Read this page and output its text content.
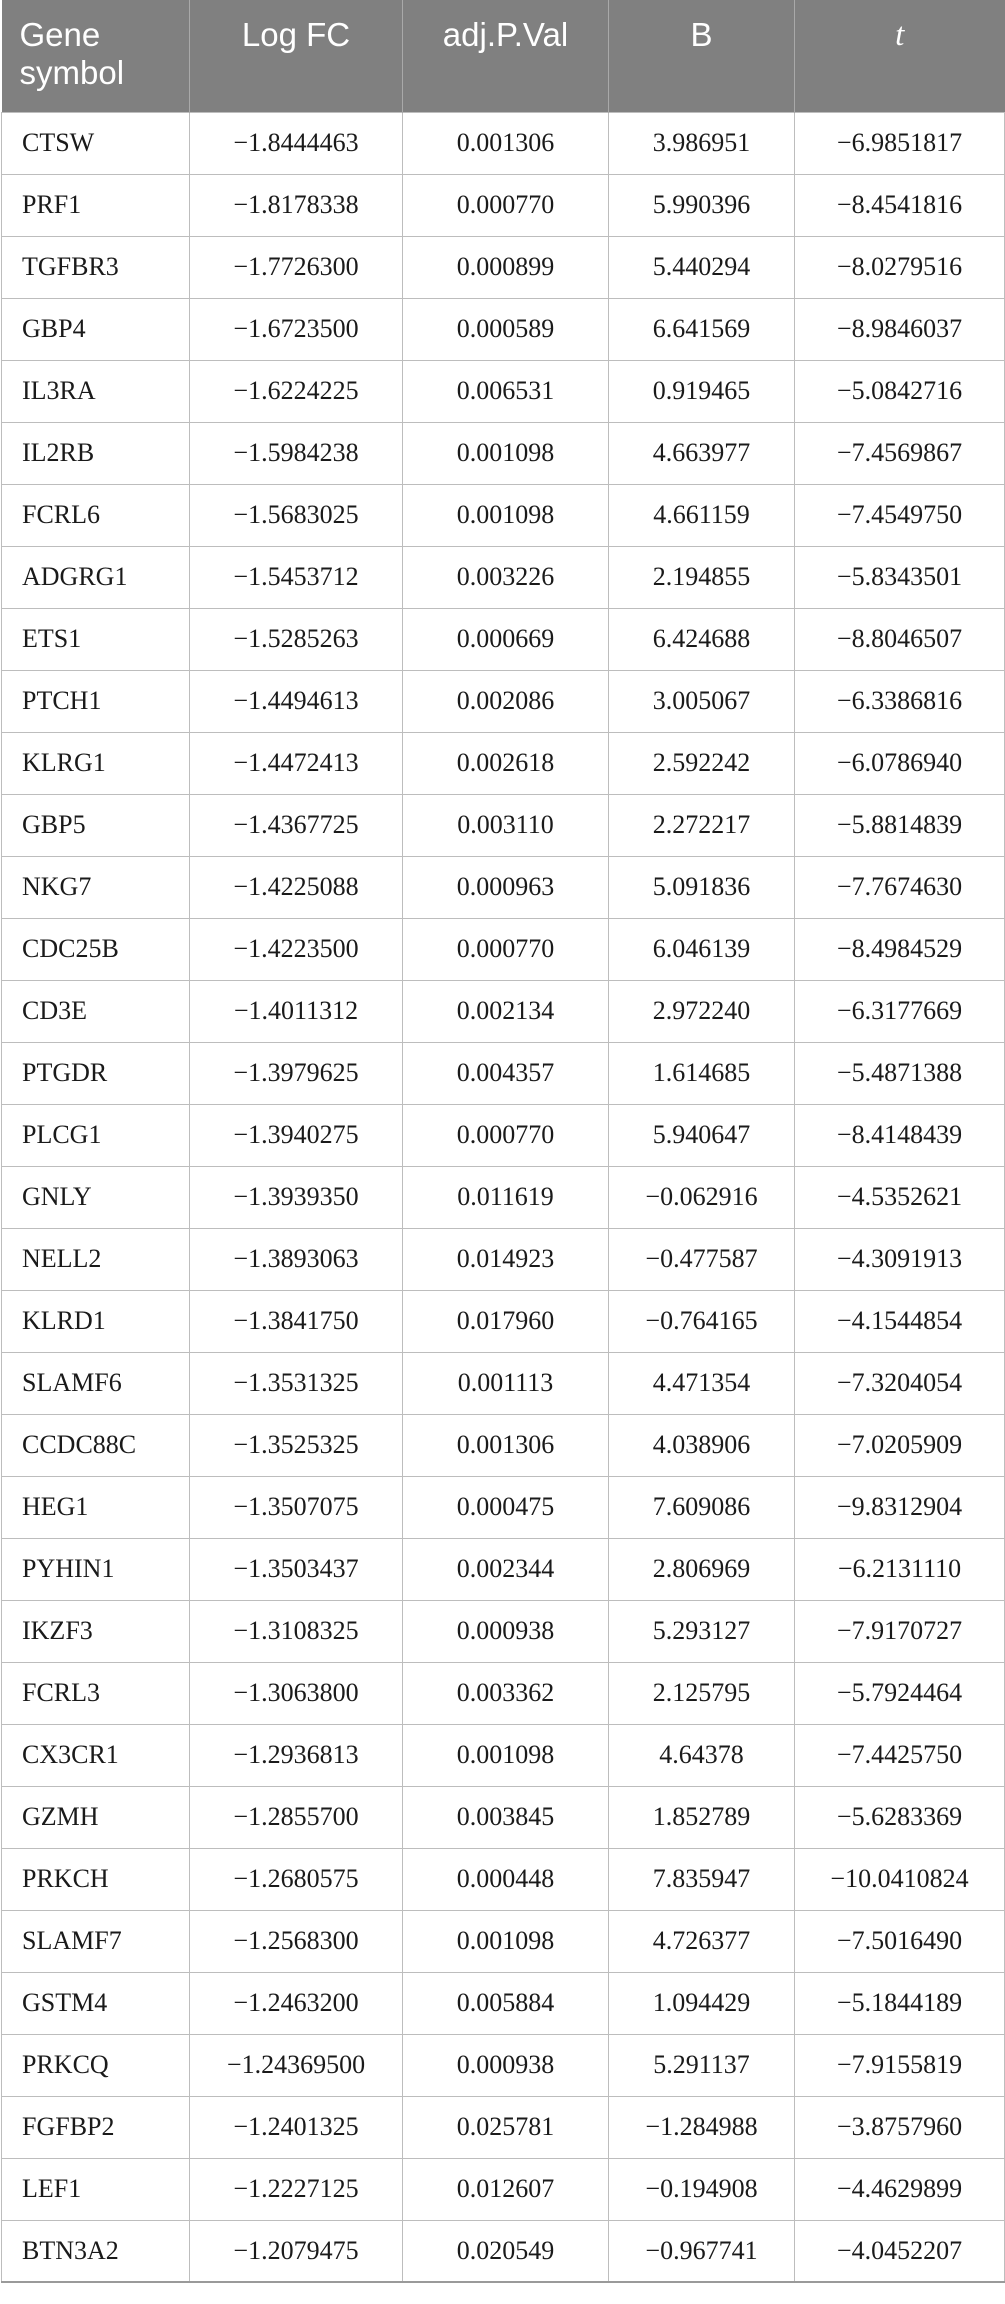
Gene symbol	Log FC	adj.P.Val	B	t
CTSW	−1.8444463	0.001306	3.986951	−6.9851817
PRF1	−1.8178338	0.000770	5.990396	−8.4541816
TGFBR3	−1.7726300	0.000899	5.440294	−8.0279516
GBP4	−1.6723500	0.000589	6.641569	−8.9846037
IL3RA	−1.6224225	0.006531	0.919465	−5.0842716
IL2RB	−1.5984238	0.001098	4.663977	−7.4569867
FCRL6	−1.5683025	0.001098	4.661159	−7.4549750
ADGRG1	−1.5453712	0.003226	2.194855	−5.8343501
ETS1	−1.5285263	0.000669	6.424688	−8.8046507
PTCH1	−1.4494613	0.002086	3.005067	−6.3386816
KLRG1	−1.4472413	0.002618	2.592242	−6.0786940
GBP5	−1.4367725	0.003110	2.272217	−5.8814839
NKG7	−1.4225088	0.000963	5.091836	−7.7674630
CDC25B	−1.4223500	0.000770	6.046139	−8.4984529
CD3E	−1.4011312	0.002134	2.972240	−6.3177669
PTGDR	−1.3979625	0.004357	1.614685	−5.4871388
PLCG1	−1.3940275	0.000770	5.940647	−8.4148439
GNLY	−1.3939350	0.011619	−0.062916	−4.5352621
NELL2	−1.3893063	0.014923	−0.477587	−4.3091913
KLRD1	−1.3841750	0.017960	−0.764165	−4.1544854
SLAMF6	−1.3531325	0.001113	4.471354	−7.3204054
CCDC88C	−1.3525325	0.001306	4.038906	−7.0205909
HEG1	−1.3507075	0.000475	7.609086	−9.8312904
PYHIN1	−1.3503437	0.002344	2.806969	−6.2131110
IKZF3	−1.3108325	0.000938	5.293127	−7.9170727
FCRL3	−1.3063800	0.003362	2.125795	−5.7924464
CX3CR1	−1.2936813	0.001098	4.64378	−7.4425750
GZMH	−1.2855700	0.003845	1.852789	−5.6283369
PRKCH	−1.2680575	0.000448	7.835947	−10.0410824
SLAMF7	−1.2568300	0.001098	4.726377	−7.5016490
GSTM4	−1.2463200	0.005884	1.094429	−5.1844189
PRKCQ	−1.24369500	0.000938	5.291137	−7.9155819
FGFBP2	−1.2401325	0.025781	−1.284988	−3.8757960
LEF1	−1.2227125	0.012607	−0.194908	−4.4629899
BTN3A2	−1.2079475	0.020549	−0.967741	−4.0452207
